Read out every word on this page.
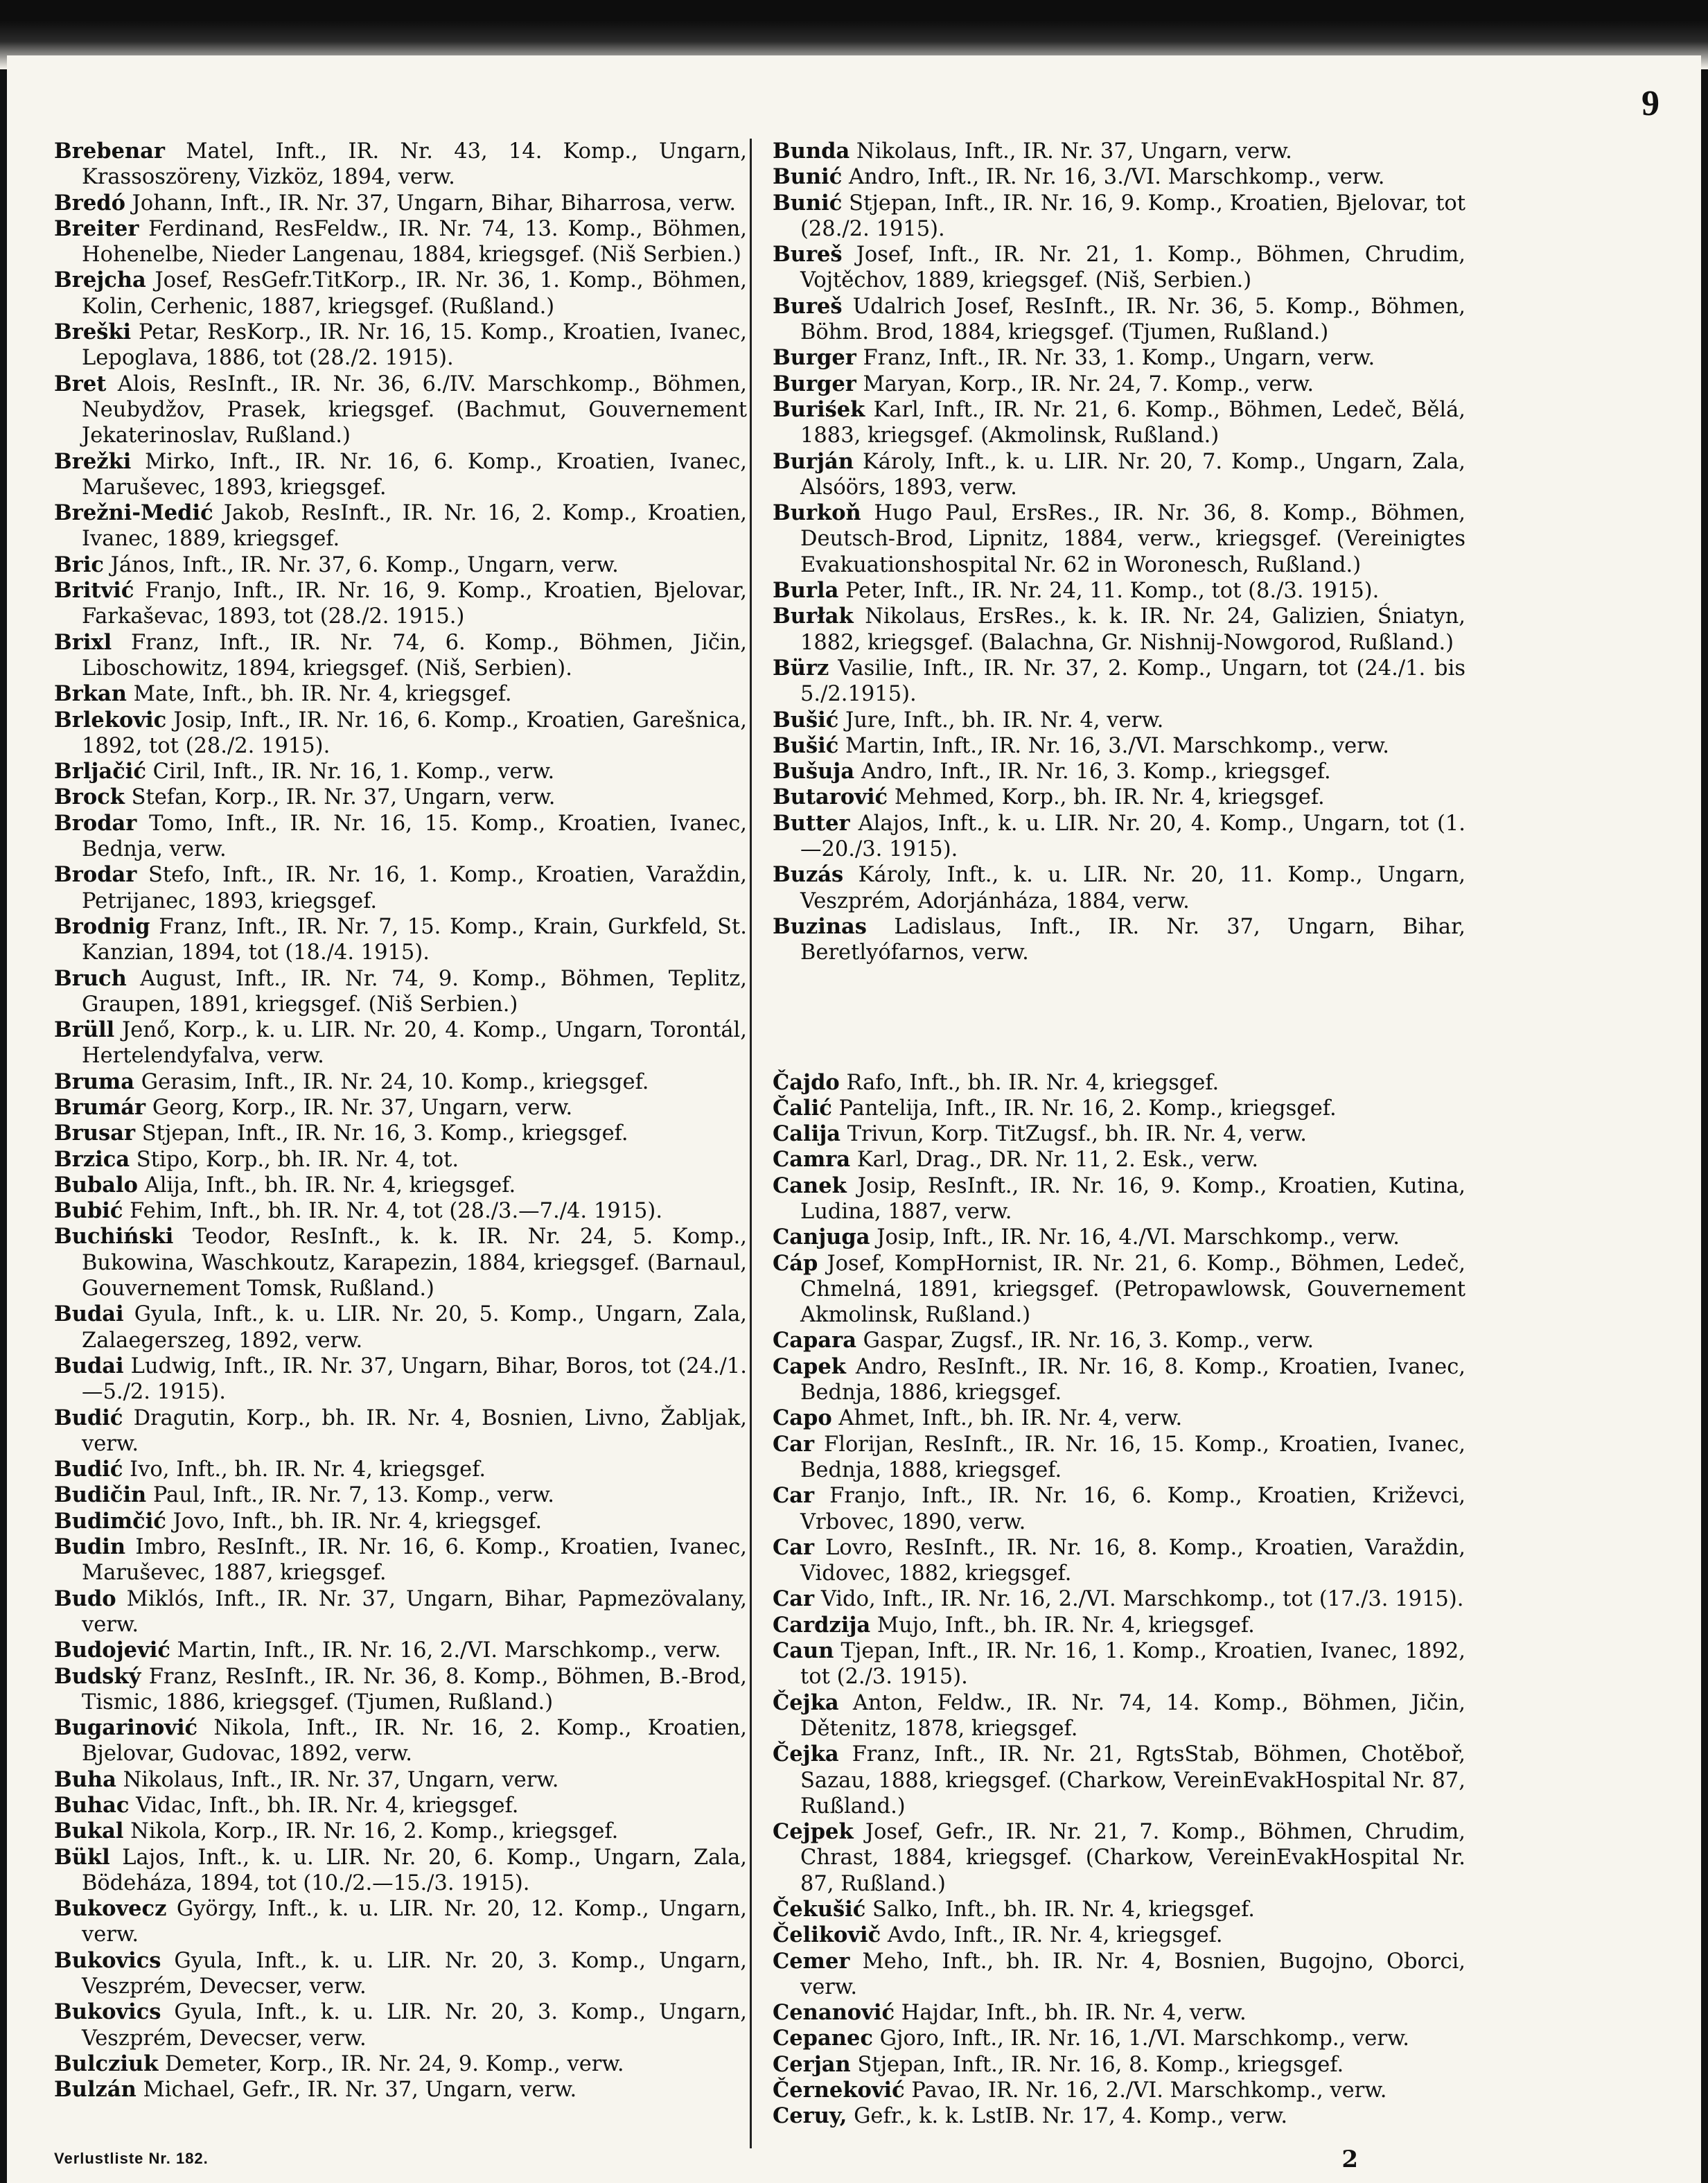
9

Brebenar Matel, Inft., IR. Nr. 43, 14. Komp., Ungarn, Krassoszöreny, Vizköz, 1894, verw.

Bredó Johann, Inft., IR. Nr. 37, Ungarn, Bihar, Biharrosa, verw.

Breiter Ferdinand, ResFeldw., IR. Nr. 74, 13. Komp., Böhmen, Hohenelbe, Nieder Langenau, 1884, kriegsgef. (Niš Serbien.)

Brejcha Josef, ResGefr.TitKorp., IR. Nr. 36, 1. Komp., Böhmen, Kolin, Cerhenic, 1887, kriegsgef. (Rußland.)

Breški Petar, ResKorp., IR. Nr. 16, 15. Komp., Kroatien, Ivanec, Lepoglava, 1886, tot (28./2. 1915).

Bret Alois, ResInft., IR. Nr. 36, 6./IV. Marschkomp., Böhmen, Neubydžov, Prasek, kriegsgef. (Bachmut, Gouvernement Jekaterinoslav, Rußland.)

Brežki Mirko, Inft., IR. Nr. 16, 6. Komp., Kroatien, Ivanec, Maruševec, 1893, kriegsgef.

Brežni-Medić Jakob, ResInft., IR. Nr. 16, 2. Komp., Kroatien, Ivanec, 1889, kriegsgef.

Bric János, Inft., IR. Nr. 37, 6. Komp., Ungarn, verw.

Britvić Franjo, Inft., IR. Nr. 16, 9. Komp., Kroatien, Bjelovar, Farkaševac, 1893, tot (28./2. 1915.)

Brixl Franz, Inft., IR. Nr. 74, 6. Komp., Böhmen, Jičin, Liboschowitz, 1894, kriegsgef. (Niš, Serbien).

Brkan Mate, Inft., bh. IR. Nr. 4, kriegsgef.

Brlekovic Josip, Inft., IR. Nr. 16, 6. Komp., Kroatien, Garešnica, 1892, tot (28./2. 1915).

Brljačić Ciril, Inft., IR. Nr. 16, 1. Komp., verw.

Brock Stefan, Korp., IR. Nr. 37, Ungarn, verw.

Brodar Tomo, Inft., IR. Nr. 16, 15. Komp., Kroatien, Ivanec, Bednja, verw.

Brodar Stefo, Inft., IR. Nr. 16, 1. Komp., Kroatien, Varaždin, Petrijanec, 1893, kriegsgef.

Brodnig Franz, Inft., IR. Nr. 7, 15. Komp., Krain, Gurkfeld, St. Kanzian, 1894, tot (18./4. 1915).

Bruch August, Inft., IR. Nr. 74, 9. Komp., Böhmen, Teplitz, Graupen, 1891, kriegsgef. (Niš Serbien.)

Brüll Jenő, Korp., k. u. LIR. Nr. 20, 4. Komp., Ungarn, Torontál, Hertelendyfalva, verw.

Bruma Gerasim, Inft., IR. Nr. 24, 10. Komp., kriegsgef.

Brumár Georg, Korp., IR. Nr. 37, Ungarn, verw.

Brusar Stjepan, Inft., IR. Nr. 16, 3. Komp., kriegsgef.

Brzica Stipo, Korp., bh. IR. Nr. 4, tot.

Bubalo Alija, Inft., bh. IR. Nr. 4, kriegsgef.

Bubić Fehim, Inft., bh. IR. Nr. 4, tot (28./3.—7./4. 1915).

Buchiński Teodor, ResInft., k. k. IR. Nr. 24, 5. Komp., Bukowina, Waschkoutz, Karapezin, 1884, kriegsgef. (Barnaul, Gouvernement Tomsk, Rußland.)

Budai Gyula, Inft., k. u. LIR. Nr. 20, 5. Komp., Ungarn, Zala, Zalaegerszeg, 1892, verw.

Budai Ludwig, Inft., IR. Nr. 37, Ungarn, Bihar, Boros, tot (24./1.—5./2. 1915).

Budić Dragutin, Korp., bh. IR. Nr. 4, Bosnien, Livno, Žabljak, verw.

Budić Ivo, Inft., bh. IR. Nr. 4, kriegsgef.

Budičin Paul, Inft., IR. Nr. 7, 13. Komp., verw.

Budimčić Jovo, Inft., bh. IR. Nr. 4, kriegsgef.

Budin Imbro, ResInft., IR. Nr. 16, 6. Komp., Kroatien, Ivanec, Maruševec, 1887, kriegsgef.

Budo Miklós, Inft., IR. Nr. 37, Ungarn, Bihar, Papmezövalany, verw.

Budojević Martin, Inft., IR. Nr. 16, 2./VI. Marschkomp., verw.

Budský Franz, ResInft., IR. Nr. 36, 8. Komp., Böhmen, B.-Brod, Tismic, 1886, kriegsgef. (Tjumen, Rußland.)

Bugarinović Nikola, Inft., IR. Nr. 16, 2. Komp., Kroatien, Bjelovar, Gudovac, 1892, verw.

Buha Nikolaus, Inft., IR. Nr. 37, Ungarn, verw.

Buhac Vidac, Inft., bh. IR. Nr. 4, kriegsgef.

Bukal Nikola, Korp., IR. Nr. 16, 2. Komp., kriegsgef.

Bükl Lajos, Inft., k. u. LIR. Nr. 20, 6. Komp., Ungarn, Zala, Bödeháza, 1894, tot (10./2.—15./3. 1915).

Bukovecz György, Inft., k. u. LIR. Nr. 20, 12. Komp., Ungarn, verw.

Bukovics Gyula, Inft., k. u. LIR. Nr. 20, 3. Komp., Ungarn, Veszprém, Devecser, verw.

Bukovics Gyula, Inft., k. u. LIR. Nr. 20, 3. Komp., Ungarn, Veszprém, Devecser, verw.

Bulcziuk Demeter, Korp., IR. Nr. 24, 9. Komp., verw.

Bulzán Michael, Gefr., IR. Nr. 37, Ungarn, verw.

Bunda Nikolaus, Inft., IR. Nr. 37, Ungarn, verw.

Bunić Andro, Inft., IR. Nr. 16, 3./VI. Marschkomp., verw.

Bunić Stjepan, Inft., IR. Nr. 16, 9. Komp., Kroatien, Bjelovar, tot (28./2. 1915).

Bureš Josef, Inft., IR. Nr. 21, 1. Komp., Böhmen, Chrudim, Vojtěchov, 1889, kriegsgef. (Niš, Serbien.)

Bureš Udalrich Josef, ResInft., IR. Nr. 36, 5. Komp., Böhmen, Böhm. Brod, 1884, kriegsgef. (Tjumen, Rußland.)

Burger Franz, Inft., IR. Nr. 33, 1. Komp., Ungarn, verw.

Burger Maryan, Korp., IR. Nr. 24, 7. Komp., verw.

Buriśek Karl, Inft., IR. Nr. 21, 6. Komp., Böhmen, Ledeč, Bělá, 1883, kriegsgef. (Akmolinsk, Rußland.)

Burján Károly, Inft., k. u. LIR. Nr. 20, 7. Komp., Ungarn, Zala, Alsóörs, 1893, verw.

Burkoň Hugo Paul, ErsRes., IR. Nr. 36, 8. Komp., Böhmen, Deutsch-Brod, Lipnitz, 1884, verw., kriegsgef. (Vereinigtes Evakuationshospital Nr. 62 in Woronesch, Rußland.)

Burla Peter, Inft., IR. Nr. 24, 11. Komp., tot (8./3. 1915).

Burłak Nikolaus, ErsRes., k. k. IR. Nr. 24, Galizien, Śniatyn, 1882, kriegsgef. (Balachna, Gr. Nishnij-Nowgorod, Rußland.)

Bürz Vasilie, Inft., IR. Nr. 37, 2. Komp., Ungarn, tot (24./1. bis 5./2.1915).

Bušić Jure, Inft., bh. IR. Nr. 4, verw.

Bušić Martin, Inft., IR. Nr. 16, 3./VI. Marschkomp., verw.

Bušuja Andro, Inft., IR. Nr. 16, 3. Komp., kriegsgef.

Butarović Mehmed, Korp., bh. IR. Nr. 4, kriegsgef.

Butter Alajos, Inft., k. u. LIR. Nr. 20, 4. Komp., Ungarn, tot (1.—20./3. 1915).

Buzás Károly, Inft., k. u. LIR. Nr. 20, 11. Komp., Ungarn, Veszprém, Adorjánháza, 1884, verw.

Buzinas Ladislaus, Inft., IR. Nr. 37, Ungarn, Bihar, Beretlyófarnos, verw.

Čajdo Rafo, Inft., bh. IR. Nr. 4, kriegsgef.

Čalić Pantelija, Inft., IR. Nr. 16, 2. Komp., kriegsgef.

Calija Trivun, Korp. TitZugsf., bh. IR. Nr. 4, verw.

Camra Karl, Drag., DR. Nr. 11, 2. Esk., verw.

Canek Josip, ResInft., IR. Nr. 16, 9. Komp., Kroatien, Kutina, Ludina, 1887, verw.

Canjuga Josip, Inft., IR. Nr. 16, 4./VI. Marschkomp., verw.

Cáp Josef, KompHornist, IR. Nr. 21, 6. Komp., Böhmen, Ledeč, Chmelná, 1891, kriegsgef. (Petropawlowsk, Gouvernement Akmolinsk, Rußland.)

Capara Gaspar, Zugsf., IR. Nr. 16, 3. Komp., verw.

Capek Andro, ResInft., IR. Nr. 16, 8. Komp., Kroatien, Ivanec, Bednja, 1886, kriegsgef.

Capo Ahmet, Inft., bh. IR. Nr. 4, verw.

Car Florijan, ResInft., IR. Nr. 16, 15. Komp., Kroatien, Ivanec, Bednja, 1888, kriegsgef.

Car Franjo, Inft., IR. Nr. 16, 6. Komp., Kroatien, Križevci, Vrbovec, 1890, verw.

Car Lovro, ResInft., IR. Nr. 16, 8. Komp., Kroatien, Varaždin, Vidovec, 1882, kriegsgef.

Car Vido, Inft., IR. Nr. 16, 2./VI. Marschkomp., tot (17./3. 1915).

Cardzija Mujo, Inft., bh. IR. Nr. 4, kriegsgef.

Caun Tjepan, Inft., IR. Nr. 16, 1. Komp., Kroatien, Ivanec, 1892, tot (2./3. 1915).

Čejka Anton, Feldw., IR. Nr. 74, 14. Komp., Böhmen, Jičin, Dětenitz, 1878, kriegsgef.

Čejka Franz, Inft., IR. Nr. 21, RgtsStab, Böhmen, Chotěboř, Sazau, 1888, kriegsgef. (Charkow, VereinEvakHospital Nr. 87, Rußland.)

Cejpek Josef, Gefr., IR. Nr. 21, 7. Komp., Böhmen, Chrudim, Chrast, 1884, kriegsgef. (Charkow, VereinEvakHospital Nr. 87, Rußland.)

Čekušić Salko, Inft., bh. IR. Nr. 4, kriegsgef.

Čelikovič Avdo, Inft., IR. Nr. 4, kriegsgef.

Cemer Meho, Inft., bh. IR. Nr. 4, Bosnien, Bugojno, Oborci, verw.

Cenanović Hajdar, Inft., bh. IR. Nr. 4, verw.

Cepanec Gjoro, Inft., IR. Nr. 16, 1./VI. Marschkomp., verw.

Cerjan Stjepan, Inft., IR. Nr. 16, 8. Komp., kriegsgef.

Černeković Pavao, IR. Nr. 16, 2./VI. Marschkomp., verw.

Ceruy, Gefr., k. k. LstIB. Nr. 17, 4. Komp., verw.

Verlustliste Nr. 182.	2
